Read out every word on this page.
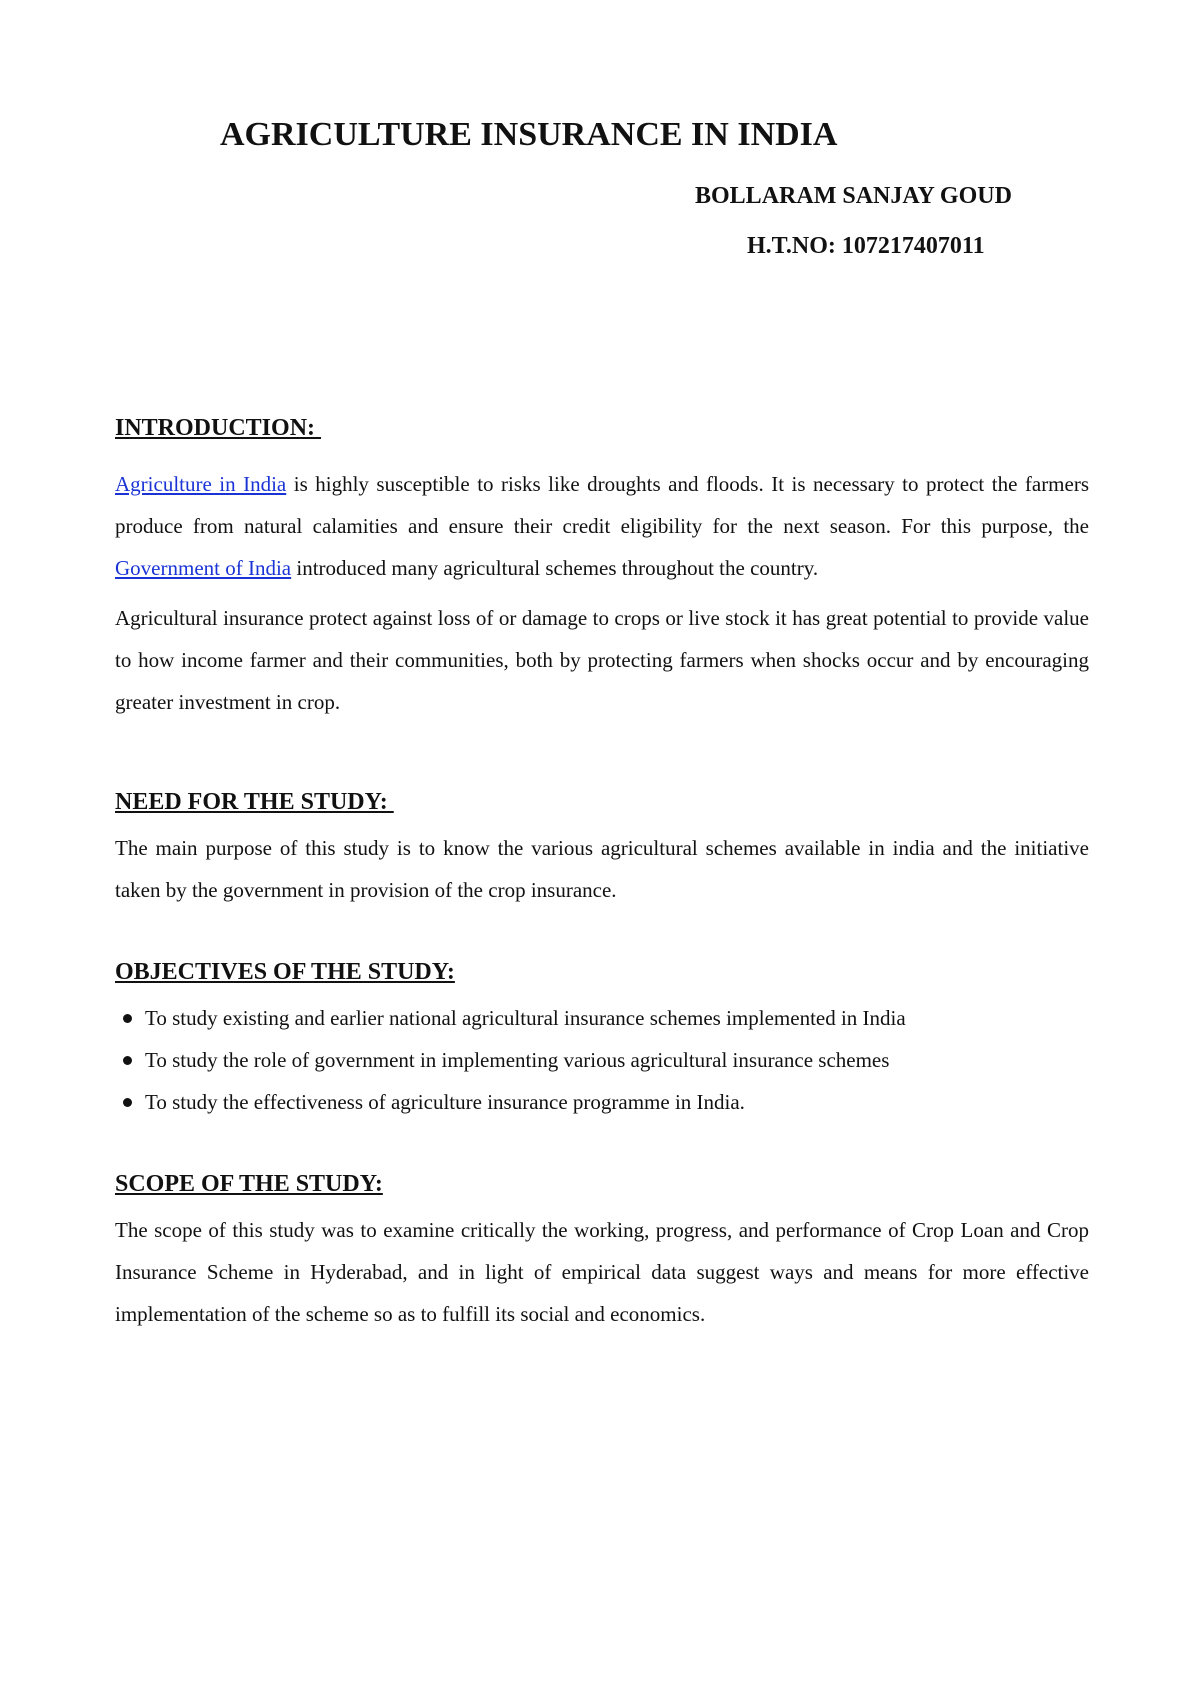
AGRICULTURE INSURANCE IN INDIA
BOLLARAM SANJAY GOUD
H.T.NO: 107217407011
INTRODUCTION:

Agriculture in India is highly susceptible to risks like droughts and floods. It is necessary to protect the farmers produce from natural calamities and ensure their credit eligibility for the next season. For this purpose, the Government of India introduced many agricultural schemes throughout the country.

Agricultural insurance protect against loss of or damage to crops or live stock it has great potential to provide value to how income farmer and their communities, both by protecting farmers when shocks occur and by encouraging greater investment in crop.

NEED FOR THE STUDY:

The main purpose of this study is to know the various agricultural schemes available in india and the initiative taken by the government in provision of the crop insurance.

OBJECTIVES OF THE STUDY:
To study existing and earlier national agricultural insurance schemes implemented in India
To study the role of government in implementing various agricultural insurance schemes
To study the effectiveness of agriculture insurance programme in India.
SCOPE OF THE STUDY:

The scope of this study was to examine critically the working, progress, and performance of Crop Loan and Crop Insurance Scheme in Hyderabad, and in light of empirical data suggest ways and means for more effective implementation of the scheme so as to fulfill its social and economics.
